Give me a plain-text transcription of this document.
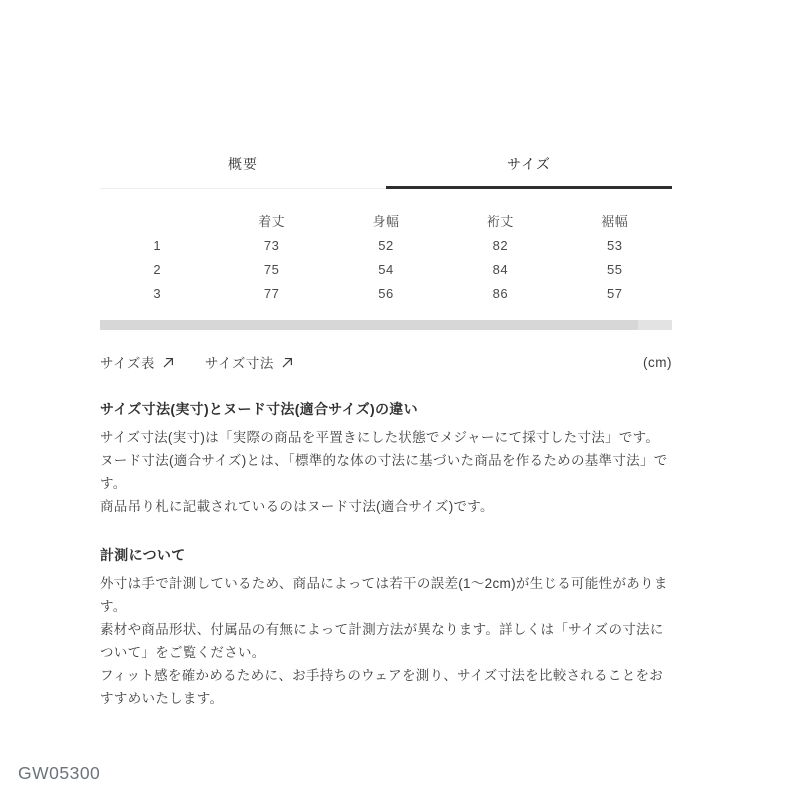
概要	サイズ
	着丈	身幅	裄丈	裾幅
1	73	52	82	53
2	75	54	84	55
3	77	56	86	57
サイズ表	サイズ寸法	(cm)
サイズ寸法(実寸)とヌード寸法(適合サイズ)の違い

サイズ寸法(実寸)は「実際の商品を平置きにした状態でメジャーにて採寸した寸法」です。

ヌード寸法(適合サイズ)とは、「標準的な体の寸法に基づいた商品を作るための基準寸法」です。

商品吊り札に記載されているのはヌード寸法(適合サイズ)です。

計測について

外寸は手で計測しているため、商品によっては若干の誤差(1〜2cm)が生じる可能性があります。

素材や商品形状、付属品の有無によって計測方法が異なります。詳しくは「サイズの寸法について」をご覧ください。

フィット感を確かめるために、お手持ちのウェアを測り、サイズ寸法を比較されることをおすすめいたします。

GW05300
